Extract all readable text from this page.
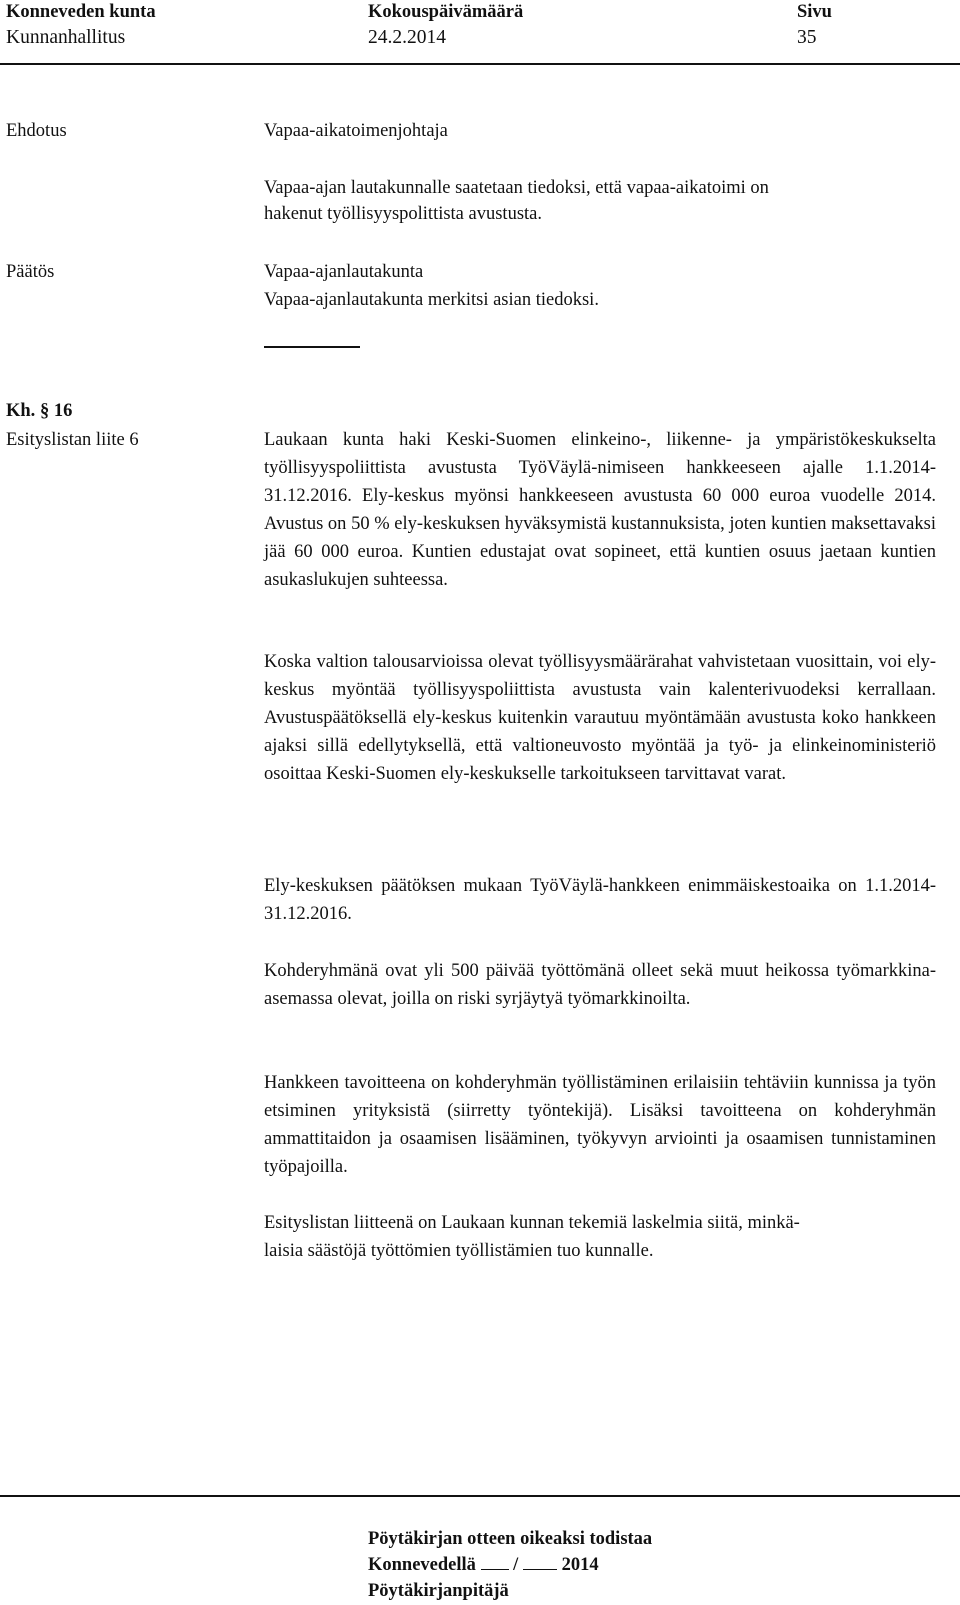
Konneveden kunta	Kokouspäivämäärä	Sivu
Kunnanhallitus	24.2.2014	35
Ehdotus	Vapaa-aikatoimenjohtaja
Vapaa-ajan lautakunnalle saatetaan tiedoksi, että vapaa-aikatoimi on
hakenut työllisyyspolittista avustusta.
Päätös	Vapaa-ajanlautakunta
Vapaa-ajanlautakunta merkitsi asian tiedoksi.
Kh. § 16
Esityslistan liite 6	Laukaan kunta haki Keski-Suomen elinkeino-, liikenne- ja ympäristökeskukselta työllisyyspoliittista avustusta TyöVäylä-nimiseen hankkeeseen ajalle 1.1.2014-31.12.2016. Ely-keskus myönsi hankkeeseen avustusta 60 000 euroa vuodelle 2014. Avustus on 50 % ely-keskuksen hyväksymistä kustannuksista, joten kuntien maksettavaksi jää 60 000 euroa. Kuntien edustajat ovat sopineet, että kuntien osuus jaetaan kuntien asukaslukujen suhteessa.
Koska valtion talousarvioissa olevat työllisyysmäärärahat vahvistetaan vuosittain, voi ely-keskus myöntää työllisyyspoliittista avustusta vain kalenterivuodeksi kerrallaan. Avustuspäätöksellä ely-keskus kuitenkin varautuu myöntämään avustusta koko hankkeen ajaksi sillä edellytyksellä, että valtioneuvosto myöntää ja työ- ja elinkeinoministeriö osoittaa Keski-Suomen ely-keskukselle tarkoitukseen tarvittavat varat.
Ely-keskuksen päätöksen mukaan TyöVäylä-hankkeen enimmäiskestoaika on 1.1.2014-31.12.2016.
Kohderyhmänä ovat yli 500 päivää työttömänä olleet sekä muut heikossa työmarkkina-asemassa olevat, joilla on riski syrjäytyä työmarkkinoilta.
Hankkeen tavoitteena on kohderyhmän työllistäminen erilaisiin tehtäviin kunnissa ja työn etsiminen yrityksistä (siirretty työntekijä). Lisäksi tavoitteena on kohderyhmän ammattitaidon ja osaamisen lisääminen, työkyvyn arviointi ja osaamisen tunnistaminen työpajoilla.
Esityslistan liitteenä on Laukaan kunnan tekemiä laskelmia siitä, minkä-
laisia säästöjä työttömien työllistämien tuo kunnalle.
Pöytäkirjan otteen oikeaksi todistaa
Konnevedellä / 2014
Pöytäkirjanpitäjä
